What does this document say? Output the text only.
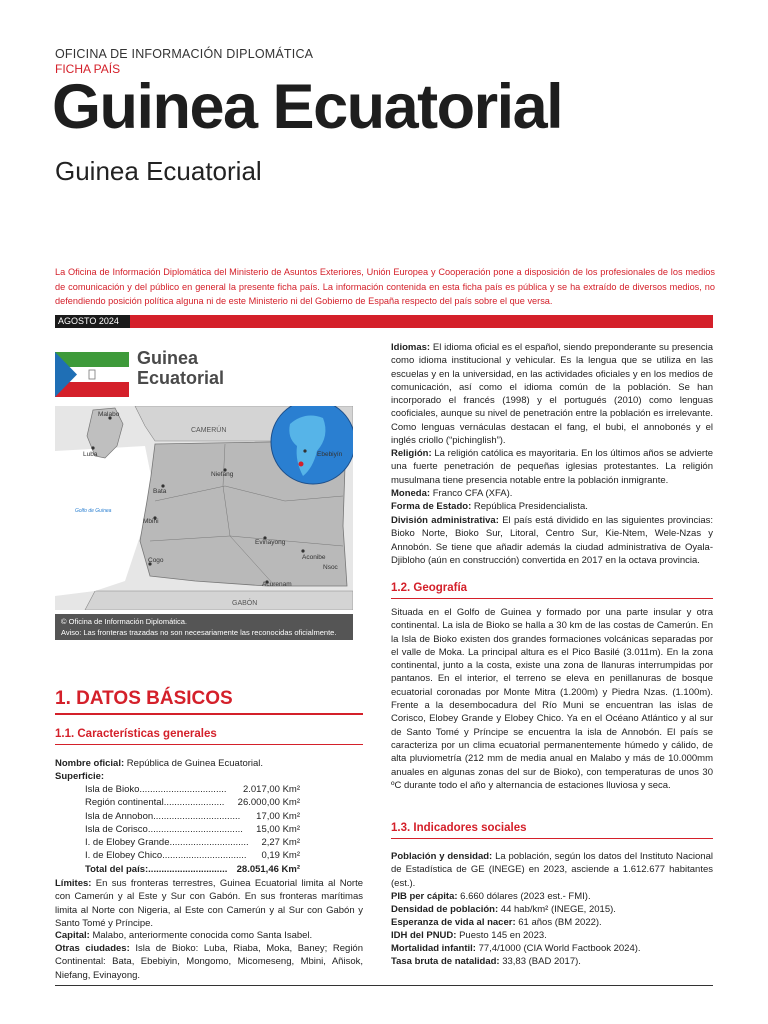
OFICINA DE INFORMACIÓN DIPLOMÁTICA
FICHA PAÍS
Guinea Ecuatorial
Guinea Ecuatorial
La Oficina de Información Diplomática del Ministerio de Asuntos Exteriores, Unión Europea y Cooperación pone a disposición de los profesionales de los medios de comunicación y del público en general la presente ficha país. La información contenida en esta ficha país es pública y se ha extraído de diversos medios, no defendiendo posición política alguna ni de este Ministerio ni del Gobierno de España respecto del país sobre el que versa.
AGOSTO 2024
Guinea
Ecuatorial
Malabo
Luba
CAMERÚN
Ebebiyín
Bata
Niefang
Golfo de Guinea
Mbini
Evinayong
Aconibe
Nsoc
Cogo
Acurenam
GABÓN
© Oficina de Información Diplomática.
Aviso: Las fronteras trazadas no son necesariamente las reconocidas oficialmente.
1. DATOS BÁSICOS
1.1. Características generales
Nombre oficial: República de Guinea Ecuatorial.
Superficie:
Isla de Bioko................................. 2.017,00 Km²
Región continental....................... 26.000,00 Km²
Isla de Annobon................................. 17,00 Km²
Isla de Corisco.................................... 15,00 Km²
I. de Elobey Grande.............................. 2,27 Km²
I. de Elobey Chico................................ 0,19 Km²
Total del país:.............................. 28.051,46 Km²
Límites: En sus fronteras terrestres, Guinea Ecuatorial limita al Norte con Camerún y al Este y Sur con Gabón. En sus fronteras marítimas limita al Norte con Nigeria, al Este con Camerún y al Sur con Gabón y Santo Tomé y Príncipe.
Capital: Malabo, anteriormente conocida como Santa Isabel.
Otras ciudades: Isla de Bioko: Luba, Riaba, Moka, Baney; Región Continental: Bata, Ebebiyin, Mongomo, Micomeseng, Mbini, Añisok, Niefang, Evinayong.
Idiomas: El idioma oficial es el español, siendo preponderante su presencia como idioma institucional y vehicular. Es la lengua que se utiliza en las escuelas y en la universidad, en las actividades oficiales y en los medios de comunicación, así como el idioma común de la población. Se han incorporado el francés (1998) y el portugués (2010) como lenguas cooficiales, aunque su nivel de penetración entre la población es irrelevante. Como lenguas vernáculas destacan el fang, el bubi, el annobonés y el inglés criollo (“pichinglish”).
Religión: La religión católica es mayoritaria. En los últimos años se advierte una fuerte penetración de pequeñas iglesias protestantes. La religión musulmana tiene presencia notable entre la población inmigrante.
Moneda: Franco CFA (XFA).
Forma de Estado: República Presidencialista.
División administrativa: El país está dividido en las siguientes provincias: Bioko Norte, Bioko Sur, Litoral, Centro Sur, Kie-Ntem, Wele-Nzas y Annobón. Se tiene que añadir además la ciudad administrativa de Oyala-Djibloho (aún en construcción) convertida en 2017 en la octava provincia.
1.2. Geografía
Situada en el Golfo de Guinea y formado por una parte insular y otra continental. La isla de Bioko se halla a 30 km de las costas de Camerún. En la Isla de Bioko existen dos grandes formaciones volcánicas separadas por el valle de Moka. La principal altura es el Pico Basilé (3.011m). En la zona continental, junto a la costa, existe una zona de llanuras interrumpidas por pantanos. En el interior, el terreno se eleva en penillanuras de bosque ecuatorial coronadas por Monte Mitra (1.200m) y Piedra Nzas. (1.100m). Frente a la desembocadura del Río Muni se encuentran las islas de Corisco, Elobey Grande y Elobey Chico. Ya en el Océano Atlántico y al sur de Santo Tomé y Príncipe se encuentra la isla de Annobón. El país se caracteriza por un clima ecuatorial permanentemente húmedo y cálido, de alta pluviometría (212 mm de media anual en Malabo y más de 10.000mm anuales en algunas zonas del sur de Bioko), con temperaturas de unos 30 ºC durante todo el año y alternancia de estaciones lluviosa y seca.
1.3. Indicadores sociales
Población y densidad: La población, según los datos del Instituto Nacional de Estadística de GE (INEGE) en 2023, asciende a 1.612.677 habitantes (est.).
PIB per cápita: 6.660 dólares (2023 est.- FMI).
Densidad de población: 44 hab/km² (INEGE, 2015).
Esperanza de vida al nacer: 61 años (BM 2022).
IDH del PNUD: Puesto 145 en 2023.
Mortalidad infantil: 77,4/1000 (CIA World Factbook 2024).
Tasa bruta de natalidad: 33,83 (BAD 2017).
